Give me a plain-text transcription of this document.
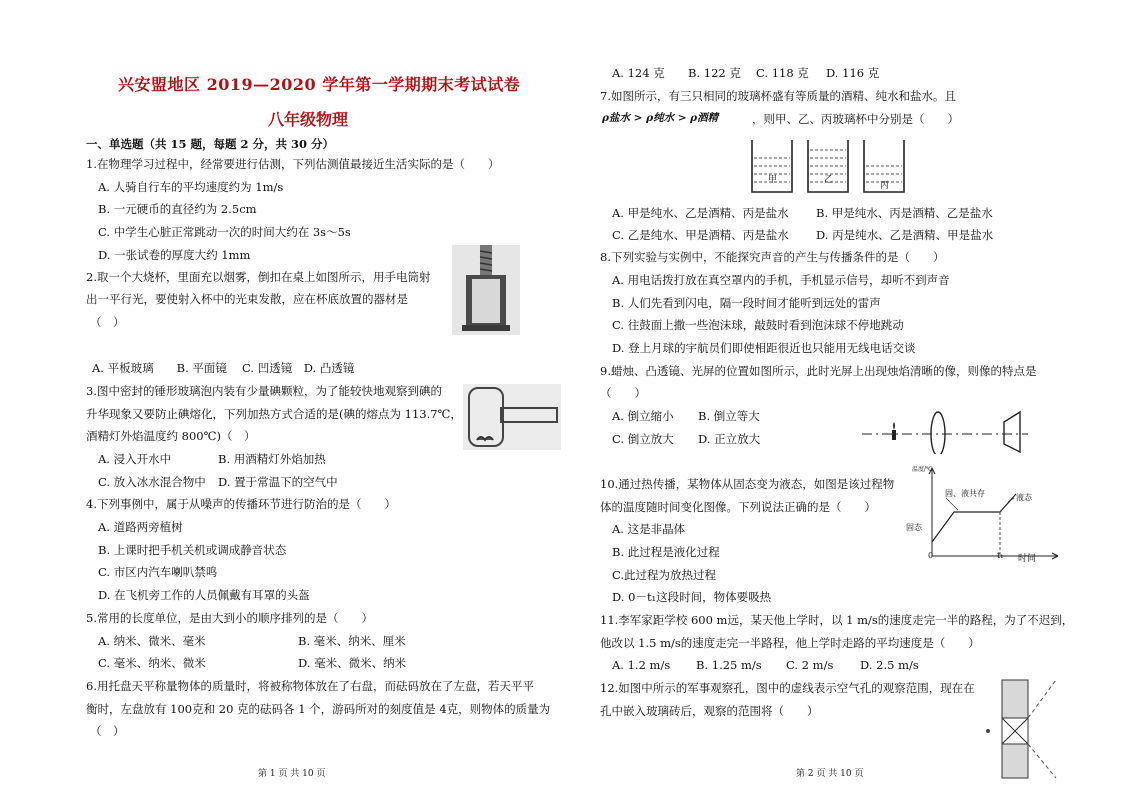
兴安盟地区 2019—2020 学年第一学期期末考试试卷
八年级物理
一、单选题（共 15 题，每题 2 分，共 30 分）
1.在物理学习过程中，经常要进行估测，下列估测值最接近生活实际的是（　　）
A. 人骑自行车的平均速度约为 1m/s
B. 一元硬币的直径约为 2.5cm
C. 中学生心脏正常跳动一次的时间大约在 3s～5s
D. 一张试卷的厚度大约 1mm
2.取一个大烧杯，里面充以烟雾，倒扣在桌上如图所示，用手电筒射
出一平行光，要使射入杯中的光束发散，应在杯底放置的器材是
（　）
A. 平板玻璃　　B. 平面镜　 C. 凹透镜　D. 凸透镜
3.图中密封的锤形玻璃泡内装有少量碘颗粒，为了能较快地观察到碘的
升华现象又要防止碘熔化，下列加热方式合适的是(碘的熔点为 113.7℃，
酒精灯外焰温度约 800℃)（　）
A. 浸入开水中	B. 用酒精灯外焰加热
C. 放入冰水混合物中 D. 置于常温下的空气中
4.下列事例中，属于从噪声的传播环节进行防治的是（　　）
A. 道路两旁植树
B. 上课时把手机关机或调成静音状态
C. 市区内汽车喇叭禁鸣
D. 在飞机旁工作的人员佩戴有耳罩的头盔
5.常用的长度单位，是由大到小的顺序排列的是（　　）
A. 纳米、微米、毫米	B. 毫米、纳米、厘米
C. 毫米、纳米、微米	D. 毫米、微米、纳米
6.用托盘天平称量物体的质量时，将被称物体放在了右盘，而砝码放在了左盘，若天平平
衡时，左盘放有 100克和 20 克的砝码各 1 个，游码所对的刻度值是 4克，则物体的质量为
（　）
第 1 页 共 10 页
A. 124 克 B. 122 克 C. 118 克 D. 116 克
7.如图所示，有三只相同的玻璃杯盛有等质量的酒精、纯水和盐水。且
ρ盐水 > ρ纯水 > ρ酒精	，则甲、乙、丙玻璃杯中分别是（　　）
甲	乙
丙
A. 甲是纯水、乙是酒精、丙是盐水 B. 甲是纯水、丙是酒精、乙是盐水
C. 乙是纯水、甲是酒精、丙是盐水 D. 丙是纯水、乙是酒精、甲是盐水
8.下列实验与实例中，不能探究声音的产生与传播条件的是（　　）
A. 用电话拨打放在真空罩内的手机，手机显示信号，却听不到声音
B. 人们先看到闪电，隔一段时间才能听到远处的雷声
C. 往鼓面上撒一些泡沫球，敲鼓时看到泡沫球不停地跳动
D. 登上月球的宇航员们即使相距很近也只能用无线电话交谈
9.蜡烛、凸透镜、光屏的位置如图所示，此时光屏上出现烛焰清晰的像，则像的特点是
（　　）
A. 倒立缩小 B. 倒立等大
C. 倒立放大 D. 正立放大
10.通过热传播，某物体从固态变为液态，如图是该过程物
体的温度随时间变化图像。下列说法正确的是（　　）
A. 这是非晶体
B. 此过程是液化过程
C.此过程为放热过程
D. 0－t₁这段时间，物体要吸热
温度/℃
固、液共存	液态
固态
0	t₁ 时间
11.李军家距学校 600 m远，某天他上学时，以 1 m/s的速度走完一半的路程，为了不迟到，
他改以 1.5 m/s的速度走完一半路程，他上学时走路的平均速度是（　　）
A. 1.2 m/s B. 1.25 m/s C. 2 m/s D. 2.5 m/s
12.如图中所示的军事观察孔，图中的虚线表示空气孔的观察范围，现在在
孔中嵌入玻璃砖后，观察的范围将（　　）
第 2 页 共 10 页
